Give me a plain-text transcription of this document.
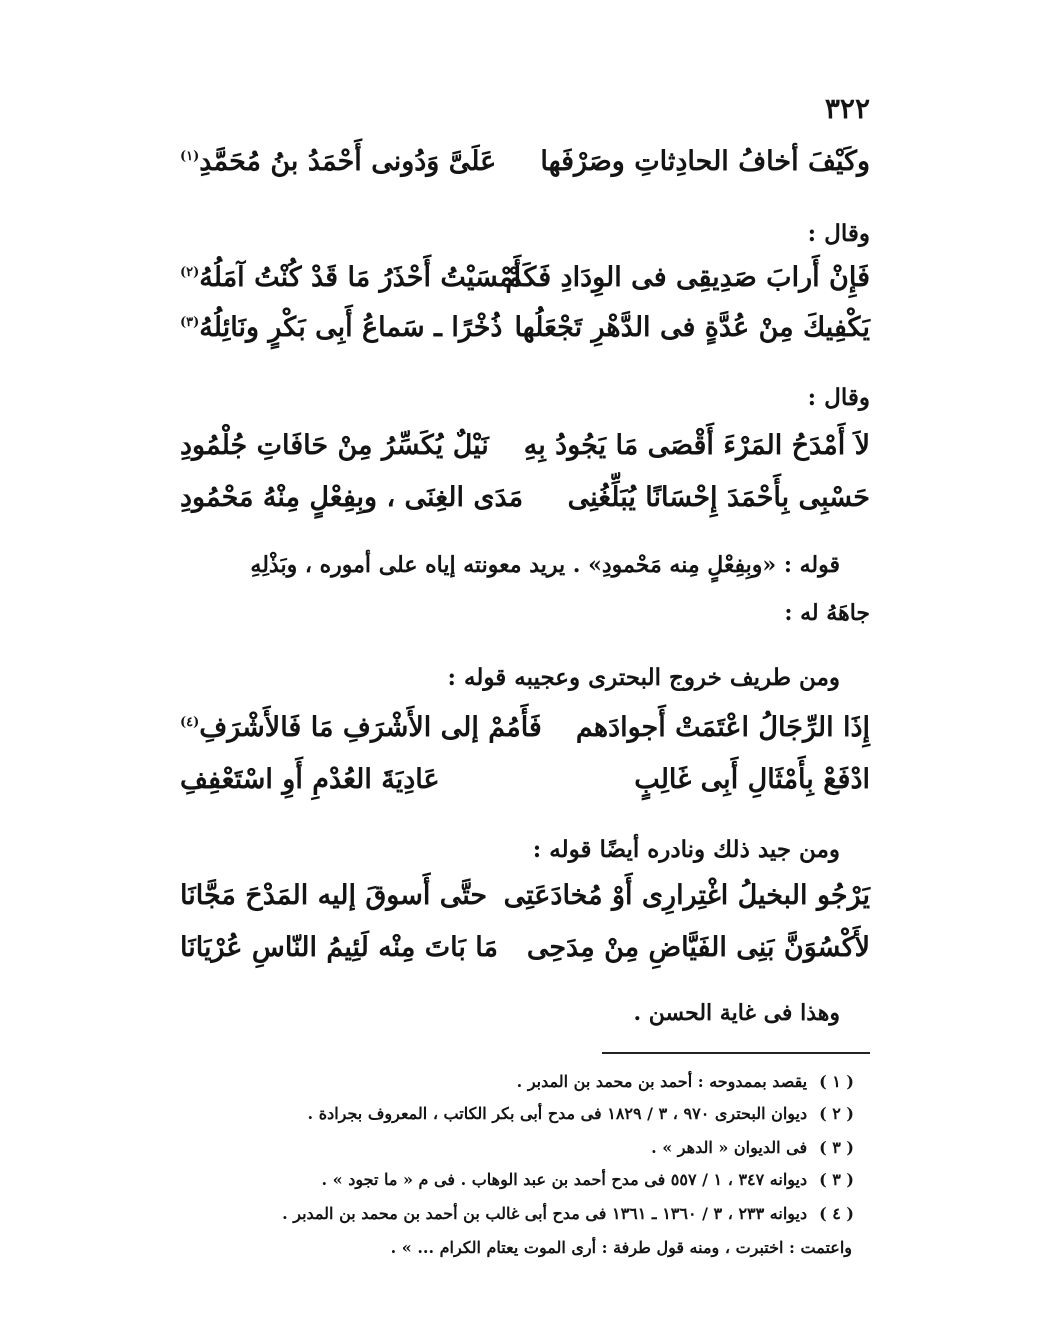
٣٢٢
وكَيْفَ أخافُ الحادِثاتِ وصَرْفَها
عَلَىَّ وَدُونى أَحْمَدُ بنُ مُحَمَّدِ$^{(١)}$
وقال :
فَإِنْ أَرابَ صَدِيقِى فى الوِدَادِ فَكَمْ
أَمْسَيْتُ أَحْذَرُ مَا قَدْ كُنْتُ آمَلُهُ$^{(٢)}$
يَكْفِيكَ مِنْ عُدَّةٍ فى الدَّهْرِ تَجْعَلُها
ذُخْرًا ـ سَماعُ أَبِى بَكْرٍ ونَائِلُهُ$^{(٣)}$
وقال :
لاَ أَمْدَحُ المَرْءَ أَقْصَى مَا يَجُودُ بِهِ
نَيْلٌ يُكَسِّرُ مِنْ حَافَاتِ جُلْمُودِ
حَسْبِى بِأَحْمَدَ إِحْسَانًا يُبَلِّغُنِى
مَدَى الغِنَى ، وبِفِعْلٍ مِنْهُ مَحْمُودِ
قوله : «وبِفِعْلٍ مِنه مَحْمودِ» . يريد معونته إياه على أموره ، وبَذْلِهِ
جاهَهُ له :
ومن طريف خروج البحترى وعجيبه قوله :
إِذَا الرِّجَالُ اعْتَمَتْ أَجوادَهم
فَأَمُمْ إلى الأَشْرَفِ مَا فَالأَشْرَفِ$^{(٤)}$
ادْفَعْ بِأَمْثَالِ أَبِى غَالِبٍ
عَادِيَةَ العُدْمِ أَوِ اسْتَعْفِفِ
ومن جيد ذلك ونادره أيضًا قوله :
يَرْجُو البخيلُ اغْتِرارِى أَوْ مُخادَعَتِى
حتَّى أَسوقَ إليه المَدْحَ مَجَّانَا
لأَكْسُوَنَّ بَنِى الفَيَّاضِ مِنْ مِدَحِى
مَا بَاتَ مِنْه لَئِيمُ النّاسِ عُرْيَانَا
وهذا فى غاية الحسن .
( ١ )يقصد بممدوحه : أحمد بن محمد بن المدبر .
( ٢ )ديوان البحترى ٩٧٠ ، ٣ / ١٨٢٩ فى مدح أبى بكر الكاتب ، المعروف بجرادة .
( ٣ )فى الديوان « الدهر » .
( ٣ )ديوانه ٣٤٧ ، ١ / ٥٥٧ فى مدح أحمد بن عبد الوهاب . فى م « ما تجود » .
( ٤ )ديوانه ٢٣٣ ، ٣ / ١٣٦٠ ـ ١٣٦١ فى مدح أبى غالب بن أحمد بن محمد بن المدبر .
واعتمت : اختبرت ، ومنه قول طرفة : أرى الموت يعتام الكرام ... » .
